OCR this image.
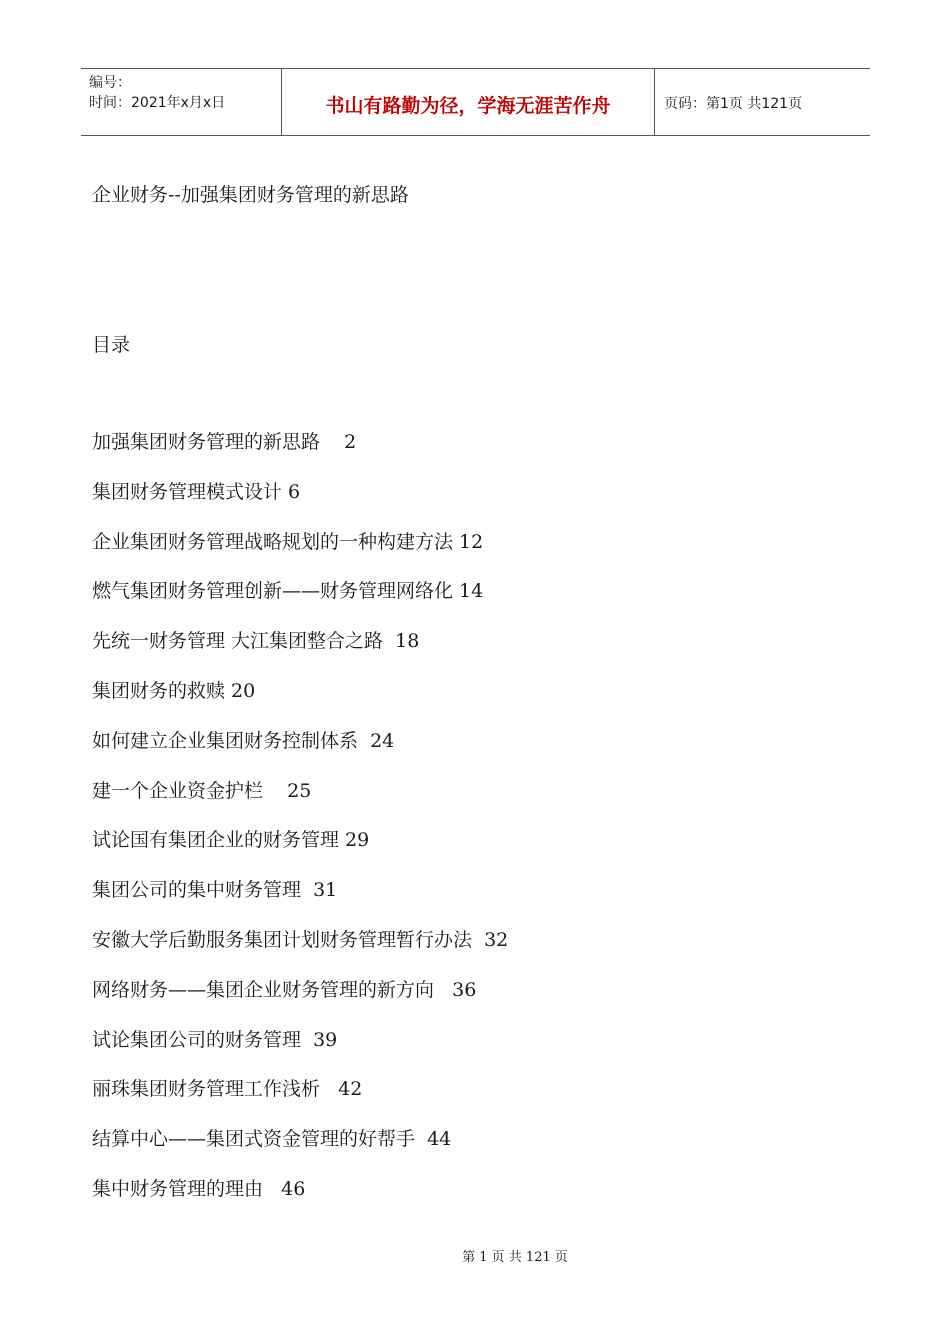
编号：
时间：2021年x月x日	书山有路勤为径，学海无涯苦作舟	页码：第1页 共121页
企业财务--加强集团财务管理的新思路
目录
加强集团财务管理的新思路    2
集团财务管理模式设计 6
企业集团财务管理战略规划的一种构建方法 12
燃气集团财务管理创新——财务管理网络化 14
先统一财务管理 大江集团整合之路  18
集团财务的救赎 20
如何建立企业集团财务控制体系  24
建一个企业资金护栏    25
试论国有集团企业的财务管理 29
集团公司的集中财务管理  31
安徽大学后勤服务集团计划财务管理暂行办法  32
网络财务——集团企业财务管理的新方向   36
试论集团公司的财务管理  39
丽珠集团财务管理工作浅析   42
结算中心——集团式资金管理的好帮手  44
集中财务管理的理由   46
第 1 页 共 121 页
